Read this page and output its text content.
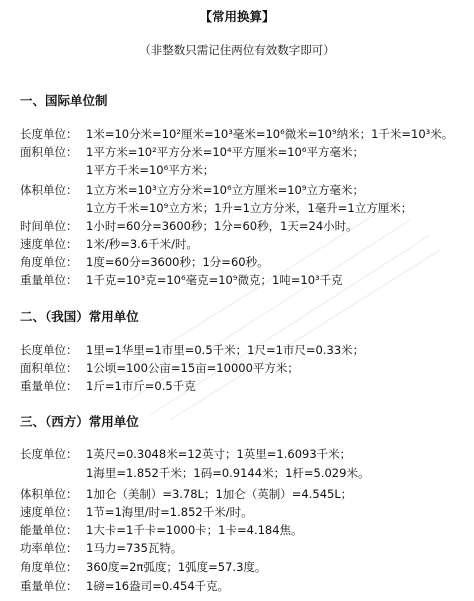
【常用换算】
（非整数只需记住两位有效数字即可）
一、国际单位制
长度单位： 1米=10分米=10²厘米=10³毫米=10⁶微米=10⁹纳米；1千米=10³米。
面积单位： 1平方米=10²平方分米=10⁴平方厘米=10⁶平方毫米；
1平方千米=10⁶平方米；
体积单位： 1立方米=10³立方分米=10⁶立方厘米=10⁹立方毫米；
1立方千米=10⁹立方米；1升=1立方分米，1毫升=1立方厘米；
时间单位： 1小时=60分=3600秒；1分=60秒，1天=24小时。
速度单位： 1米/秒=3.6千米/时。
角度单位： 1度=60分=3600秒；1分=60秒。
重量单位： 1千克=10³克=10⁶毫克=10⁹微克；1吨=10³千克
二、（我国）常用单位
长度单位： 1里=1华里=1市里=0.5千米；1尺=1市尺=0.33米；
面积单位： 1公顷=100公亩=15亩=10000平方米；
重量单位： 1斤=1市斤=0.5千克
三、（西方）常用单位
长度单位： 1英尺=0.3048米=12英寸；1英里=1.6093千米；
1海里=1.852千米；1码=0.9144米；1杆=5.029米。
体积单位： 1加仑（美制）=3.78L；1加仑（英制）=4.545L；
速度单位： 1节=1海里/时=1.852千米/时。
能量单位： 1大卡=1千卡=1000卡；1卡=4.184焦。
功率单位： 1马力=735瓦特。
角度单位： 360度=2π弧度；1弧度=57.3度。
重量单位： 1磅=16盎司=0.454千克。
